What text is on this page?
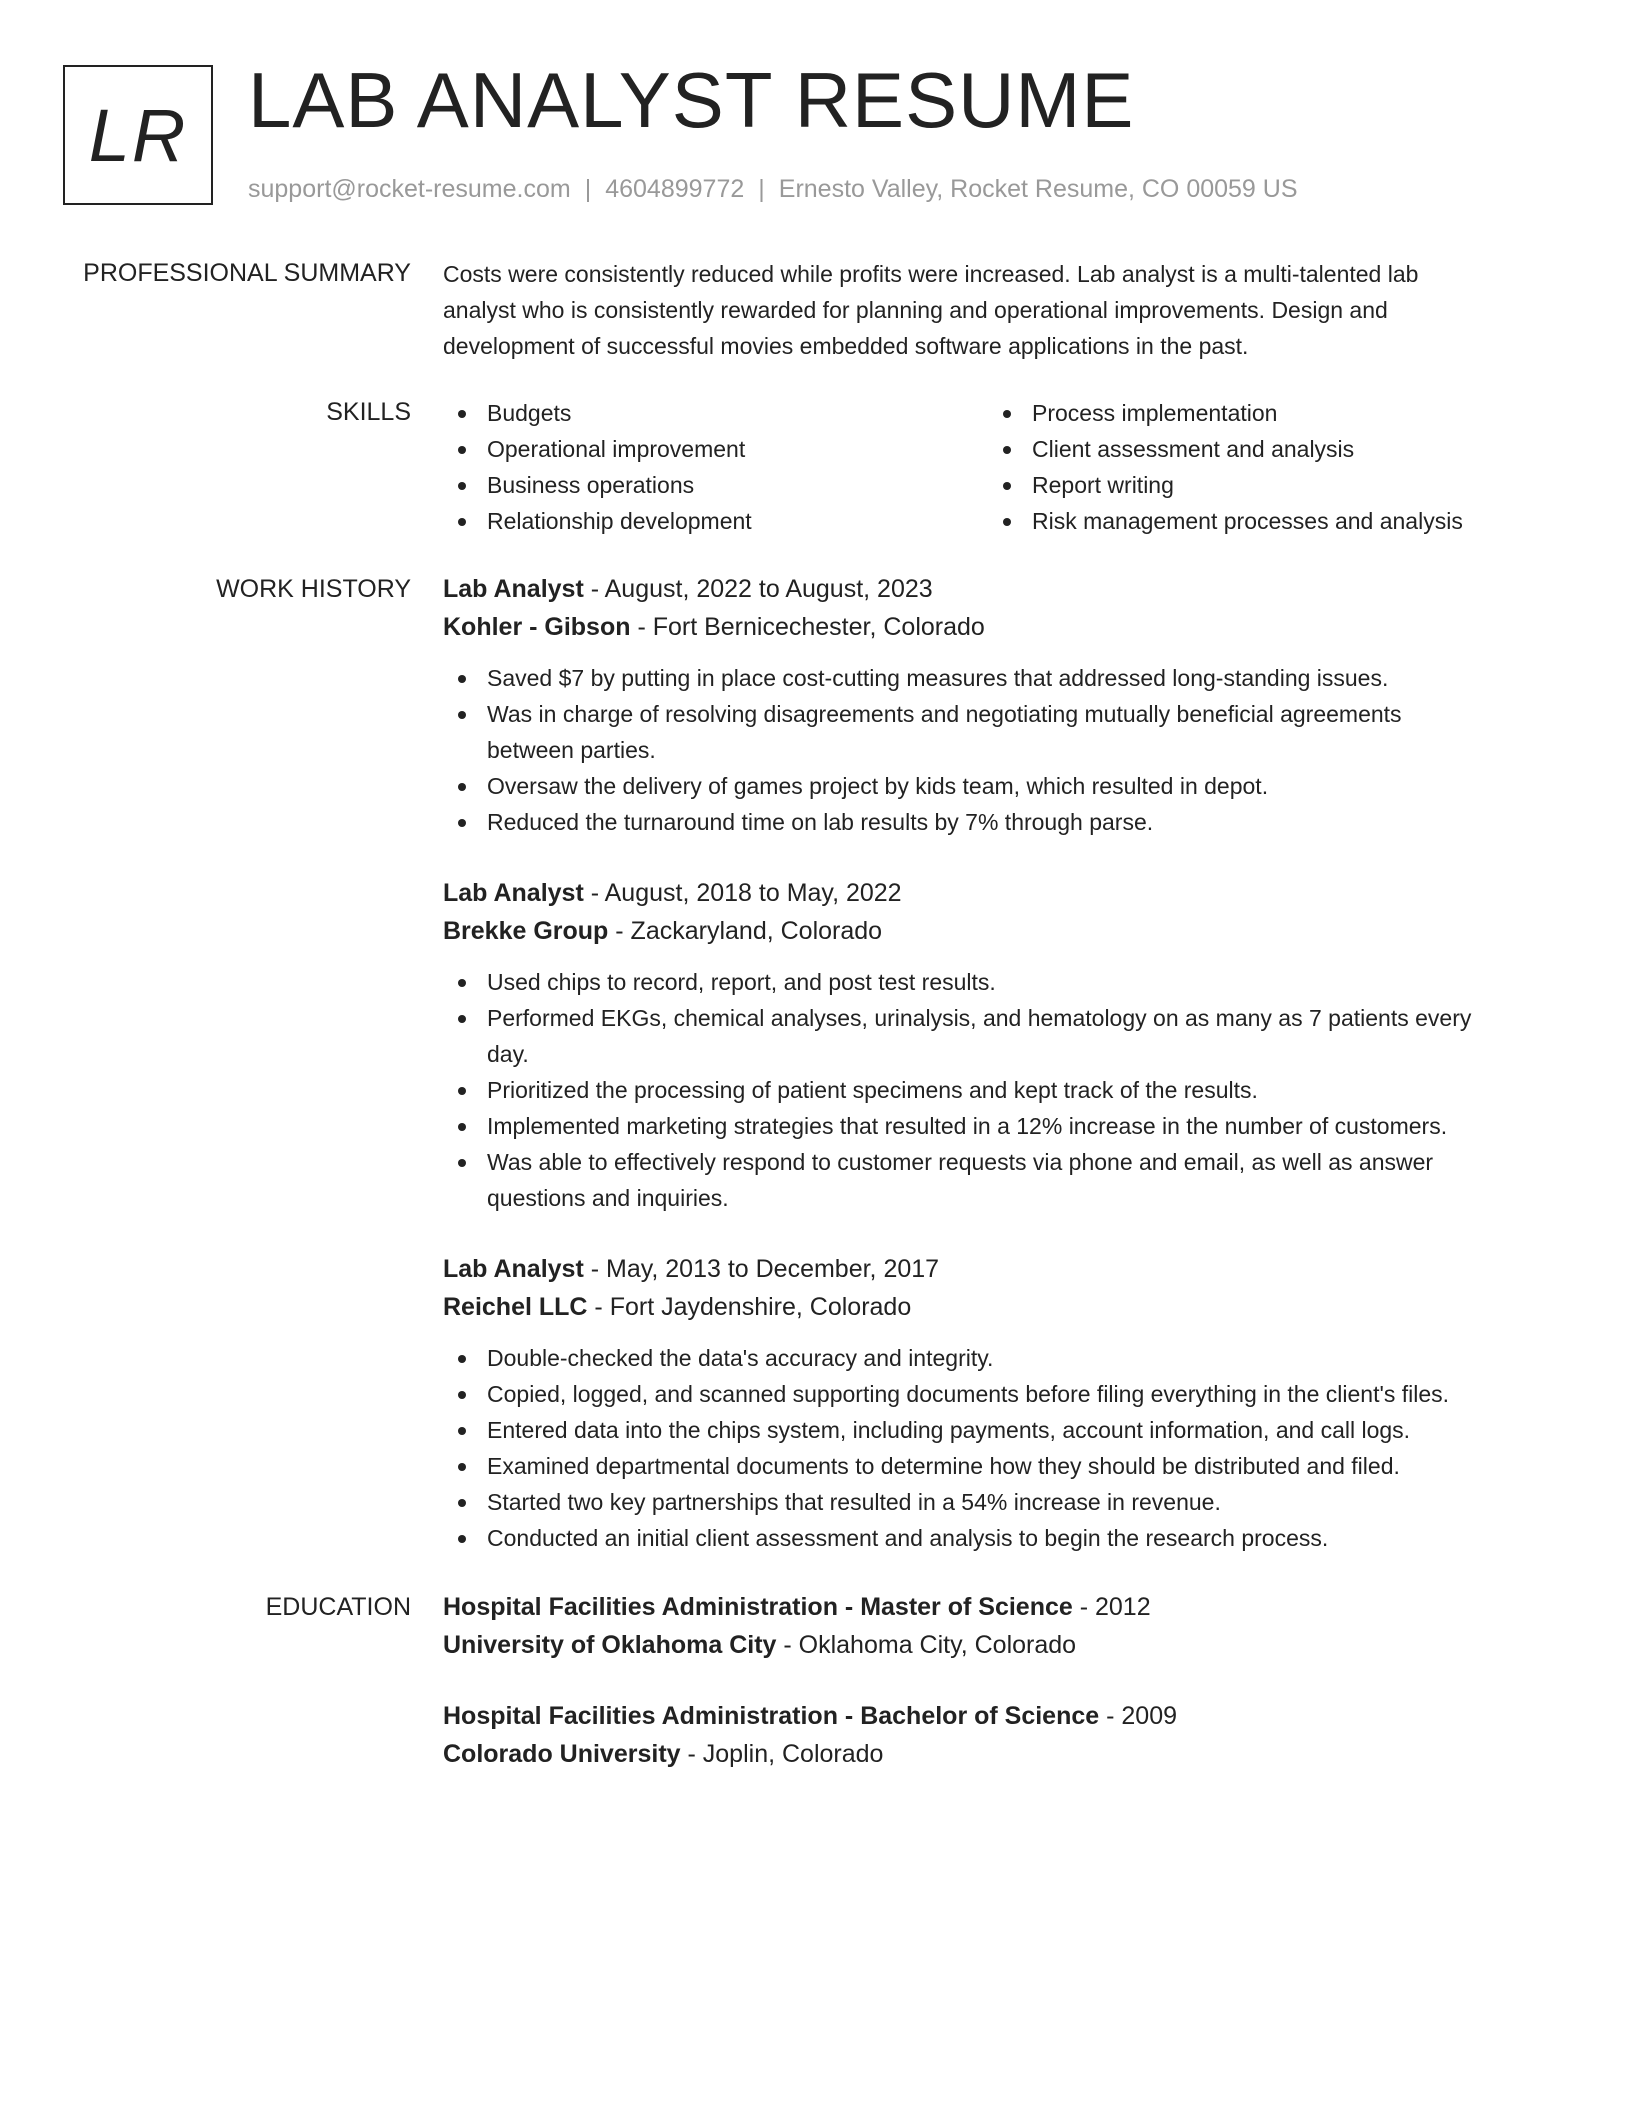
LR LAB ANALYST RESUME
support@rocket-resume.com | 4604899772 | Ernesto Valley, Rocket Resume, CO 00059 US
PROFESSIONAL SUMMARY Costs were consistently reduced while profits were increased. Lab analyst is a multi-talented lab

analyst who is consistently rewarded for planning and operational improvements. Design and

development of successful movies embedded software applications in the past.

SKILLS	Budgets
Operational improvement
Business operations
Relationship development
Process implementation
Client assessment and analysis
Report writing
Risk management processes and analysis
WORK HISTORY Lab Analyst - August, 2022 to August, 2023
Kohler - Gibson - Fort Bernicechester, Colorado
Saved $7 by putting in place cost-cutting measures that addressed long-standing issues.
Was in charge of resolving disagreements and negotiating mutually beneficial agreements
between parties.
Oversaw the delivery of games project by kids team, which resulted in depot.
Reduced the turnaround time on lab results by 7% through parse.
Lab Analyst - August, 2018 to May, 2022
Brekke Group - Zackaryland, Colorado
Used chips to record, report, and post test results.
Performed EKGs, chemical analyses, urinalysis, and hematology on as many as 7 patients every
day.
Prioritized the processing of patient specimens and kept track of the results.
Implemented marketing strategies that resulted in a 12% increase in the number of customers.
Was able to effectively respond to customer requests via phone and email, as well as answer
questions and inquiries.
Lab Analyst - May, 2013 to December, 2017
Reichel LLC - Fort Jaydenshire, Colorado
Double-checked the data's accuracy and integrity.
Copied, logged, and scanned supporting documents before filing everything in the client's files.
Entered data into the chips system, including payments, account information, and call logs.
Examined departmental documents to determine how they should be distributed and filed.
Started two key partnerships that resulted in a 54% increase in revenue.
Conducted an initial client assessment and analysis to begin the research process.
EDUCATION Hospital Facilities Administration - Master of Science - 2012
University of Oklahoma City - Oklahoma City, Colorado
Hospital Facilities Administration - Bachelor of Science - 2009
Colorado University - Joplin, Colorado
